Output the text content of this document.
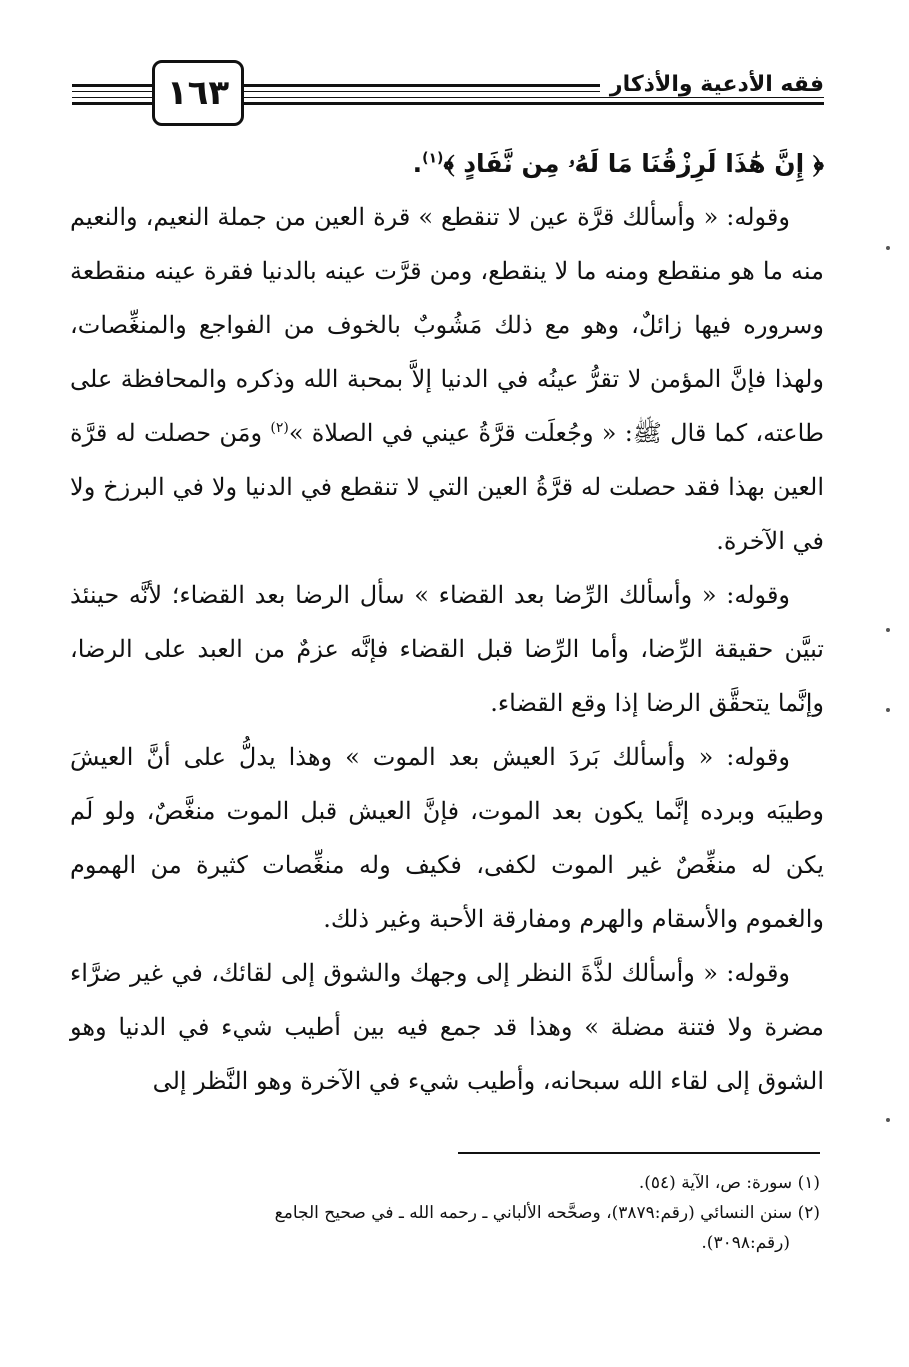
١٦٣	فقه الأدعية والأذكار

﴿ إِنَّ هَٰذَا لَرِزْقُنَا مَا لَهُۥ مِن نَّفَادٍ ﴾$^{(١)}$.

وقوله: « وأسألك قرَّة عين لا تنقطع » قرة العين من جملة النعيم، والنعيم منه ما هو منقطع ومنه ما لا ينقطع، ومن قرَّت عينه بالدنيا فقرة عينه منقطعة وسروره فيها زائلٌ، وهو مع ذلك مَشُوبٌ بالخوف من الفواجع والمنغِّصات، ولهذا فإنَّ المؤمن لا تقرُّ عينُه في الدنيا إلاَّ بمحبة الله وذكره والمحافظة على طاعته، كما قال ﷺ: « وجُعلَت قرَّةُ عيني في الصلاة »$^{(٢)}$ ومَن حصلت له قرَّة العين بهذا فقد حصلت له قرَّةُ العين التي لا تنقطع في الدنيا ولا في البرزخ ولا في الآخرة.

وقوله: « وأسألك الرِّضا بعد القضاء » سأل الرضا بعد القضاء؛ لأنَّه حينئذ تبيَّن حقيقة الرِّضا، وأما الرِّضا قبل القضاء فإنَّه عزمٌ من العبد على الرضا، وإنَّما يتحقَّق الرضا إذا وقع القضاء.

وقوله: « وأسألك بَردَ العيش بعد الموت » وهذا يدلُّ على أنَّ العيشَ وطيبَه وبرده إنَّما يكون بعد الموت، فإنَّ العيش قبل الموت منغَّصٌ، ولو لَم يكن له منغِّصٌ غير الموت لكفى، فكيف وله منغِّصات كثيرة من الهموم والغموم والأسقام والهرم ومفارقة الأحبة وغير ذلك.

وقوله: « وأسألك لذَّةَ النظر إلى وجهك والشوق إلى لقائك، في غير ضرَّاء مضرة ولا فتنة مضلة » وهذا قد جمع فيه بين أطيب شيء في الدنيا وهو الشوق إلى لقاء الله سبحانه، وأطيب شيء في الآخرة وهو النَّظر إلى

(١) سورة: ص، الآية (٥٤).

(٢) سنن النسائي (رقم:٣٨٧٩)، وصحَّحه الألباني ـ رحمه الله ـ في صحيح الجامع

(رقم:٣٠٩٨).
